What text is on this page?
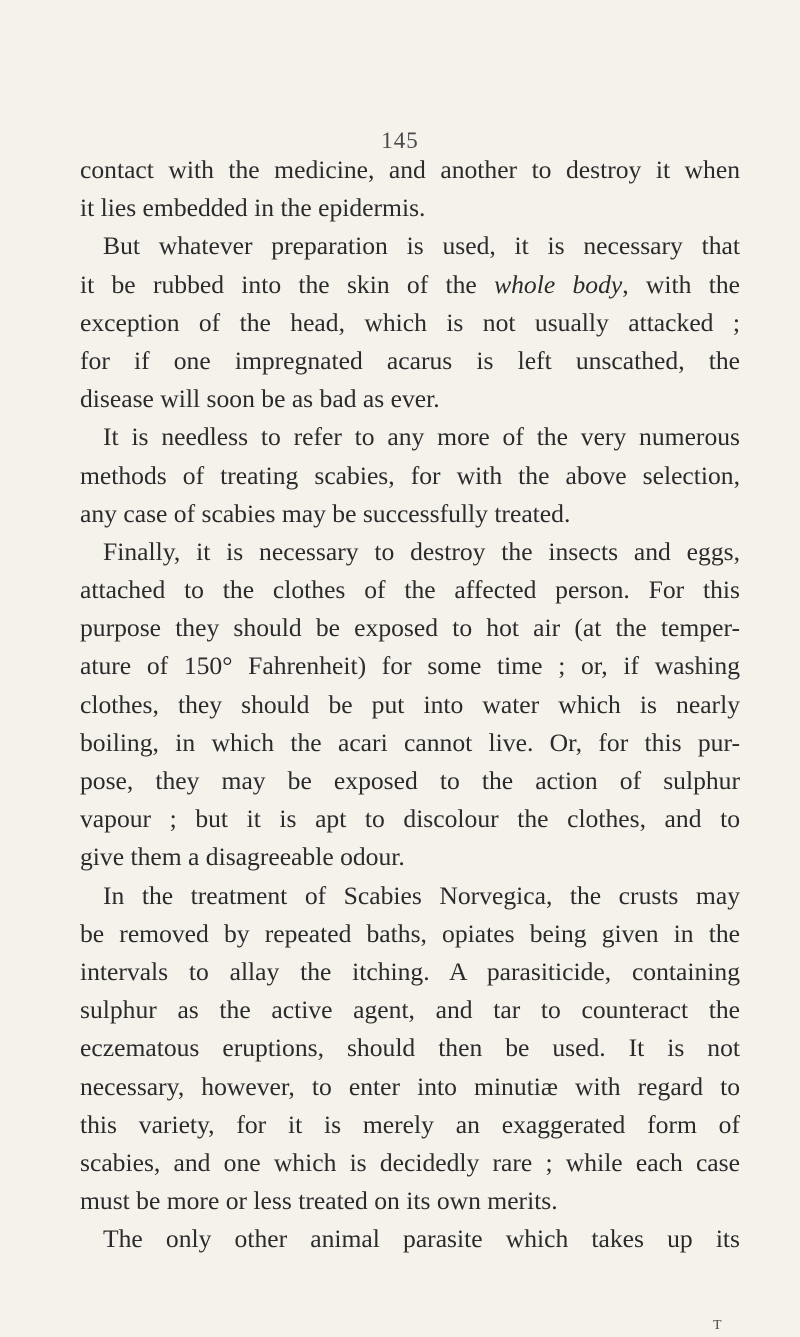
145
contact with the medicine, and another to destroy it when
it lies embedded in the epidermis.
But whatever preparation is used, it is necessary that
it be rubbed into the skin of the whole body, with the
exception of the head, which is not usually attacked ;
for if one impregnated acarus is left unscathed, the
disease will soon be as bad as ever.
It is needless to refer to any more of the very numerous
methods of treating scabies, for with the above selection,
any case of scabies may be successfully treated.
Finally, it is necessary to destroy the insects and eggs,
attached to the clothes of the affected person. For this
purpose they should be exposed to hot air (at the temper-
ature of 150° Fahrenheit) for some time ; or, if washing
clothes, they should be put into water which is nearly
boiling, in which the acari cannot live. Or, for this pur-
pose, they may be exposed to the action of sulphur
vapour ; but it is apt to discolour the clothes, and to
give them a disagreeable odour.
In the treatment of Scabies Norvegica, the crusts may
be removed by repeated baths, opiates being given in the
intervals to allay the itching. A parasiticide, containing
sulphur as the active agent, and tar to counteract the
eczematous eruptions, should then be used. It is not
necessary, however, to enter into minutiæ with regard to
this variety, for it is merely an exaggerated form of
scabies, and one which is decidedly rare ; while each case
must be more or less treated on its own merits.
The only other animal parasite which takes up its
T
